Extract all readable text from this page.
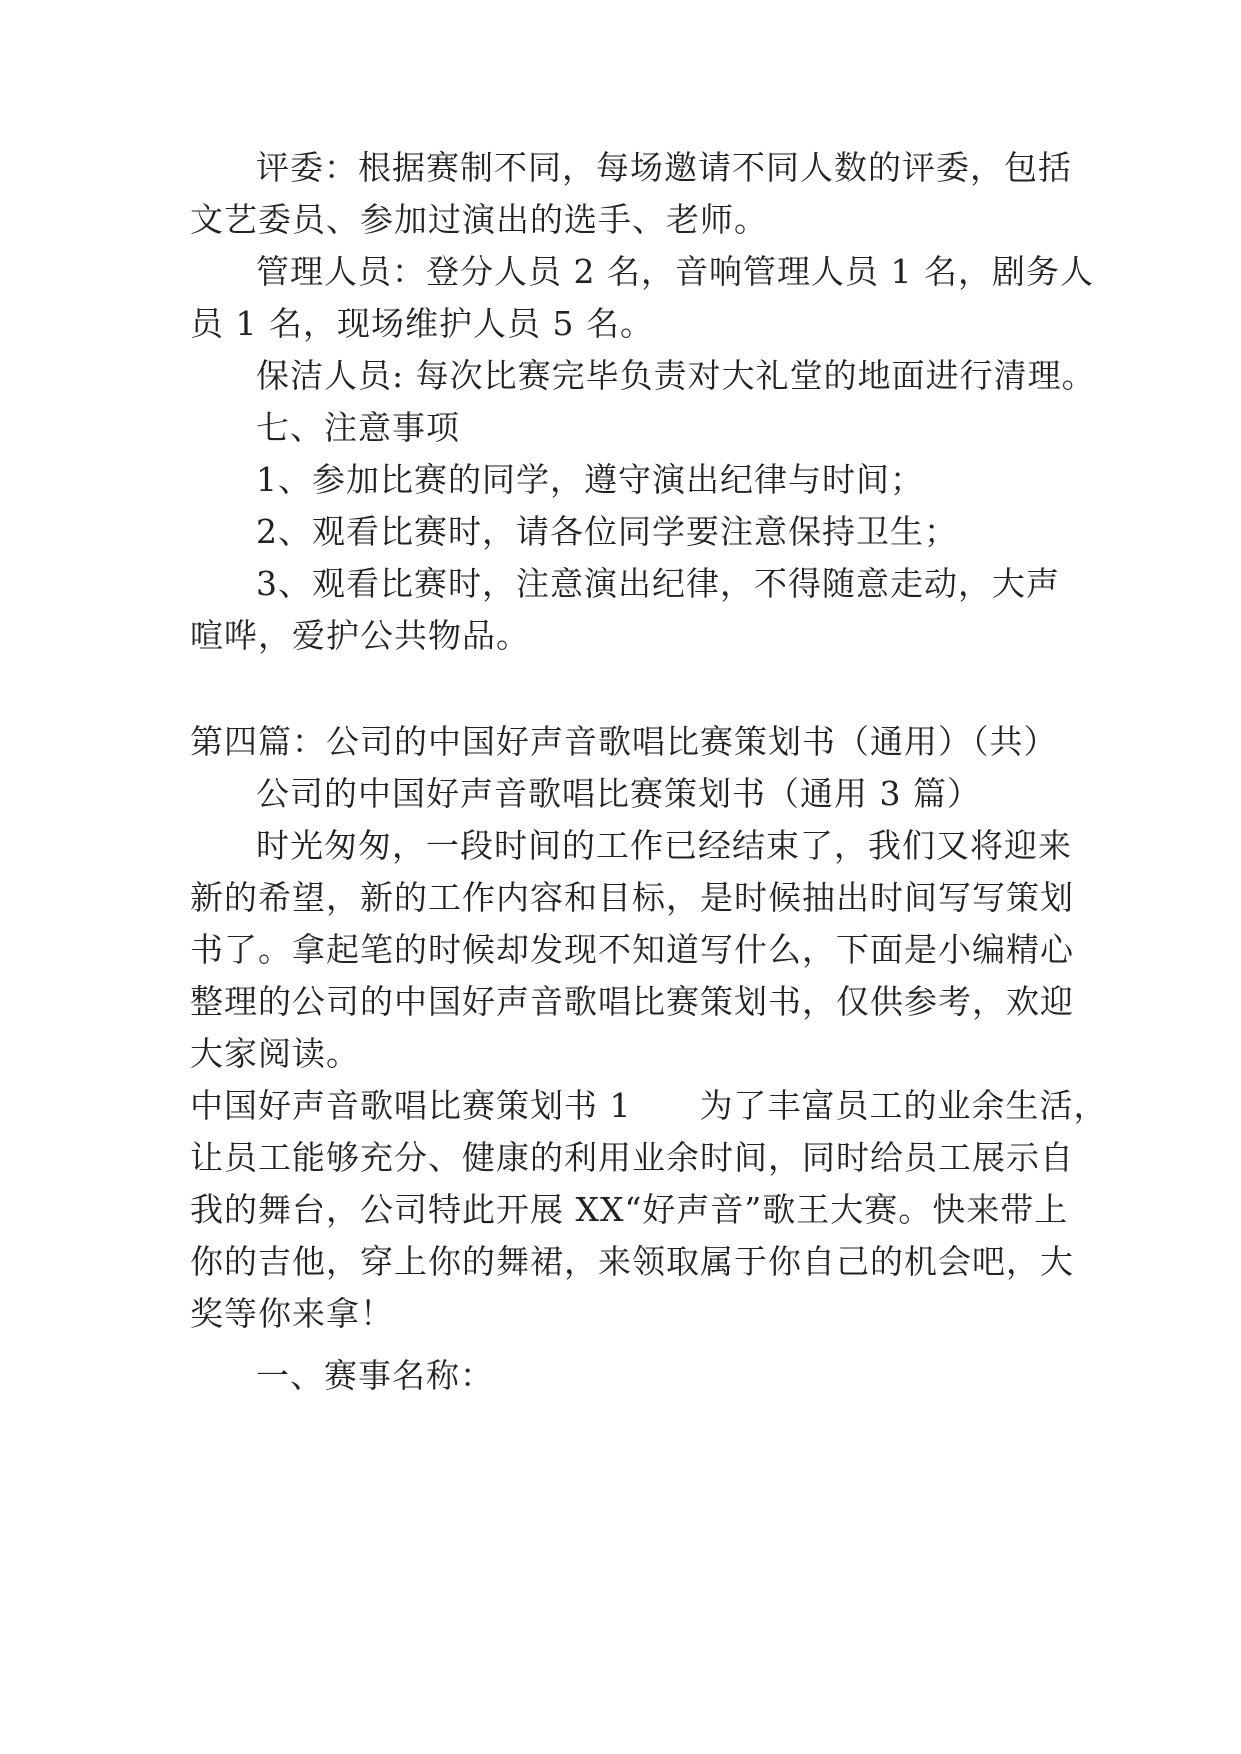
评委：根据赛制不同，每场邀请不同人数的评委，包括
文艺委员、参加过演出的选手、老师。
管理人员：登分人员 2 名，音响管理人员 1 名，剧务人
员 1 名，现场维护人员 5 名。
保洁人员: 每次比赛完毕负责对大礼堂的地面进行清理。
七、注意事项
1、参加比赛的同学，遵守演出纪律与时间；
2、观看比赛时，请各位同学要注意保持卫生；
3、观看比赛时，注意演出纪律，不得随意走动，大声
喧哗，爱护公共物品。
第四篇：公司的中国好声音歌唱比赛策划书（通用）（共）
公司的中国好声音歌唱比赛策划书（通用 3 篇）
时光匆匆，一段时间的工作已经结束了，我们又将迎来
新的希望，新的工作内容和目标，是时候抽出时间写写策划
书了。拿起笔的时候却发现不知道写什么，下面是小编精心
整理的公司的中国好声音歌唱比赛策划书，仅供参考，欢迎
大家阅读。
中国好声音歌唱比赛策划书 1　　为了丰富员工的业余生活，
让员工能够充分、健康的利用业余时间，同时给员工展示自
我的舞台，公司特此开展 XX“好声音”歌王大赛。快来带上
你的吉他，穿上你的舞裙，来领取属于你自己的机会吧，大
奖等你来拿！
一、赛事名称：
